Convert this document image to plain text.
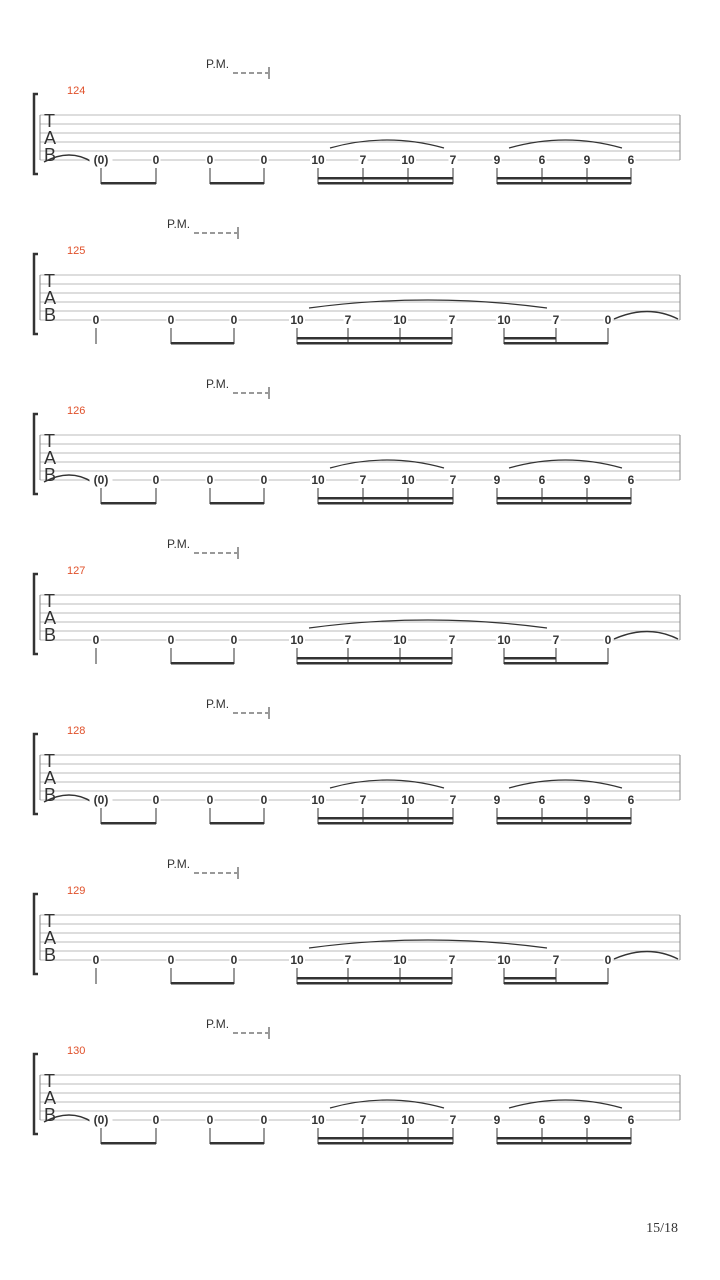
P.M.
124
T
A
B	(0)	0	0	0	10	7	10	7	9	6	9	6
P.M.
125
T
A
B	0	0	0	10	7	10	7	10	7	0
P.M.
126
T
A
B	(0)	0	0	0	10	7	10	7	9	6	9	6
P.M.
127
T
A
B	0	0	0	10	7	10	7	10	7	0
P.M.
128
T
A
B	(0)	0	0	0	10	7	10	7	9	6	9	6
P.M.
129
T
A
B	0	0	0	10	7	10	7	10	7	0
P.M.
130
T
A
B	(0)	0	0	0	10	7	10	7	9	6	9	6
15/18
